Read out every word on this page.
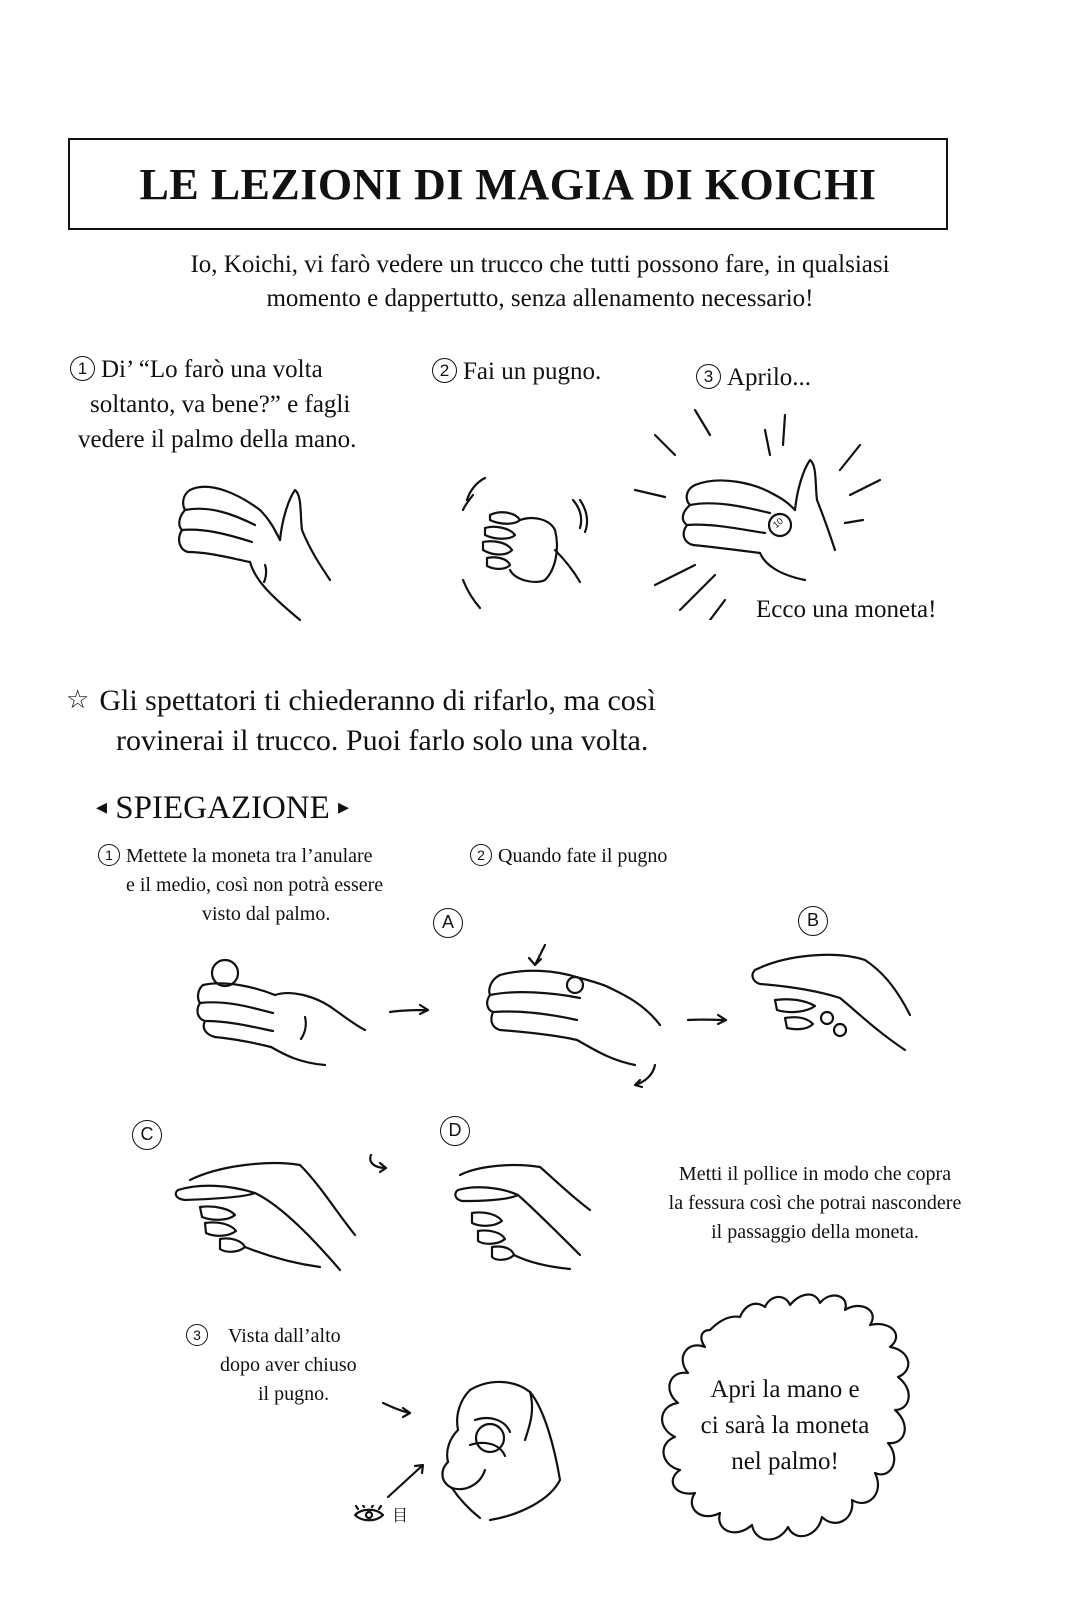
LE LEZIONI DI MAGIA DI KOICHI
Io, Koichi, vi farò vedere un trucco che tutti possono fare, in qualsiasi
momento e dappertutto, senza allenamento necessario!
1 Di’ “Lo farò una volta
soltanto, va bene?” e fagli
vedere il palmo della mano.
2 Fai un pugno.	3 Aprilo...
10
Ecco una moneta!
☆ Gli spettatori ti chiederanno di rifarlo, ma così
rovinerai il trucco. Puoi farlo solo una volta.
◂ SPIEGAZIONE ▸
1 Mettete la moneta tra l’anulare
e il medio, così non potrà essere
visto dal palmo.
2 Quando fate il pugno
A	B
C	D
Metti il pollice in modo che copra
la fessura così che potrai nascondere
il passaggio della moneta.
3 Vista dall’alto
dopo aver chiuso
il pugno.
目
Apri la mano e
ci sarà la moneta
nel palmo!
